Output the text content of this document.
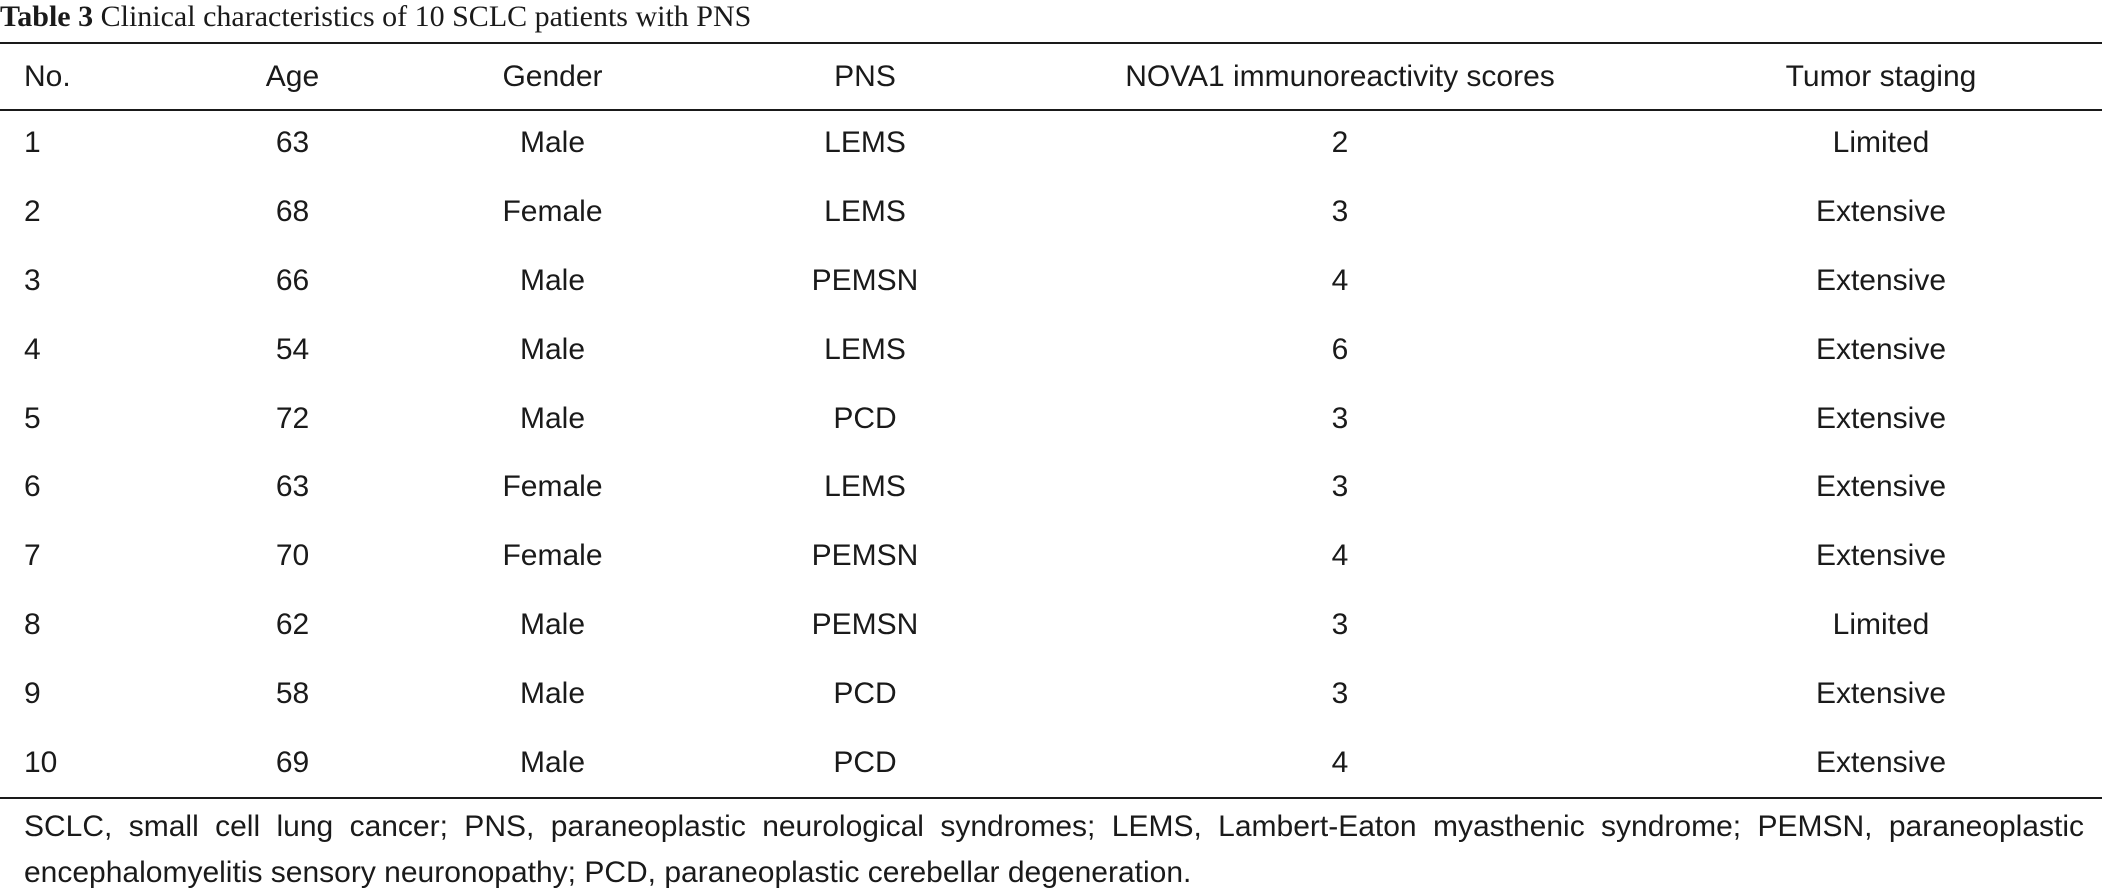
Table 3 Clinical characteristics of 10 SCLC patients with PNS
No.	Age	Gender	PNS	NOVA1 immunoreactivity scores	Tumor staging
1	63	Male	LEMS	2	Limited
2	68	Female	LEMS	3	Extensive
3	66	Male	PEMSN	4	Extensive
4	54	Male	LEMS	6	Extensive
5	72	Male	PCD	3	Extensive
6	63	Female	LEMS	3	Extensive
7	70	Female	PEMSN	4	Extensive
8	62	Male	PEMSN	3	Limited
9	58	Male	PCD	3	Extensive
10	69	Male	PCD	4	Extensive
SCLC, small cell lung cancer; PNS, paraneoplastic neurological syndromes; LEMS, Lambert-Eaton myasthenic syndrome; PEMSN, paraneoplastic encephalomyelitis sensory neuronopathy; PCD, paraneoplastic cerebellar degeneration.
